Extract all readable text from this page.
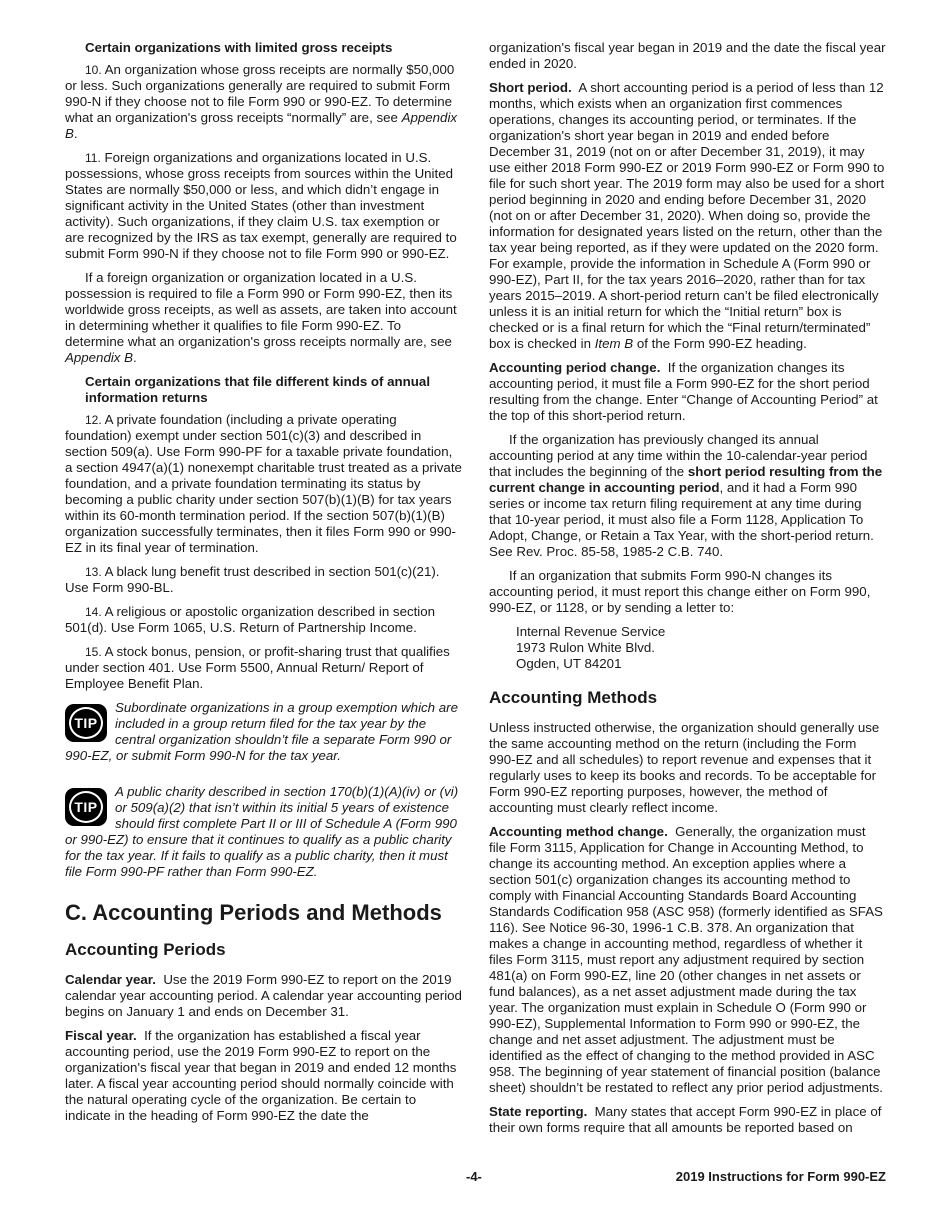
Certain organizations with limited gross receipts

10. An organization whose gross receipts are normally $50,000 or less. Such organizations generally are required to submit Form 990-N if they choose not to file Form 990 or 990-EZ. To determine what an organization's gross receipts “normally” are, see Appendix B.

11. Foreign organizations and organizations located in U.S. possessions, whose gross receipts from sources within the United States are normally $50,000 or less, and which didn’t engage in significant activity in the United States (other than investment activity). Such organizations, if they claim U.S. tax exemption or are recognized by the IRS as tax exempt, generally are required to submit Form 990-N if they choose not to file Form 990 or 990-EZ.

If a foreign organization or organization located in a U.S. possession is required to file a Form 990 or Form 990-EZ, then its worldwide gross receipts, as well as assets, are taken into account in determining whether it qualifies to file Form 990-EZ. To determine what an organization's gross receipts normally are, see Appendix B.

Certain organizations that file different kinds of annual information returns

12. A private foundation (including a private operating foundation) exempt under section 501(c)(3) and described in section 509(a). Use Form 990-PF for a taxable private foundation, a section 4947(a)(1) nonexempt charitable trust treated as a private foundation, and a private foundation terminating its status by becoming a public charity under section 507(b)(1)(B) for tax years within its 60-month termination period. If the section 507(b)(1)(B) organization successfully terminates, then it files Form 990 or 990-EZ in its final year of termination.

13. A black lung benefit trust described in section 501(c)(21). Use Form 990-BL.

14. A religious or apostolic organization described in section 501(d). Use Form 1065, U.S. Return of Partnership Income.

15. A stock bonus, pension, or profit-sharing trust that qualifies under section 401. Use Form 5500, Annual Return/ Report of Employee Benefit Plan.

TIP

Subordinate organizations in a group exemption which are included in a group return filed for the tax year by the central organization shouldn’t file a separate Form 990 or 990-EZ, or submit Form 990-N for the tax year.

TIP

A public charity described in section 170(b)(1)(A)(iv) or (vi) or 509(a)(2) that isn’t within its initial 5 years of existence should first complete Part II or III of Schedule A (Form 990 or 990-EZ) to ensure that it continues to qualify as a public charity for the tax year. If it fails to qualify as a public charity, then it must file Form 990-PF rather than Form 990-EZ.

C. Accounting Periods and Methods
Accounting Periods

Calendar year. Use the 2019 Form 990-EZ to report on the 2019 calendar year accounting period. A calendar year accounting period begins on January 1 and ends on December 31.

Fiscal year. If the organization has established a fiscal year accounting period, use the 2019 Form 990-EZ to report on the organization's fiscal year that began in 2019 and ended 12 months later. A fiscal year accounting period should normally coincide with the natural operating cycle of the organization. Be certain to indicate in the heading of Form 990-EZ the date the

organization's fiscal year began in 2019 and the date the fiscal year ended in 2020.

Short period. A short accounting period is a period of less than 12 months, which exists when an organization first commences operations, changes its accounting period, or terminates. If the organization's short year began in 2019 and ended before December 31, 2019 (not on or after December 31, 2019), it may use either 2018 Form 990-EZ or 2019 Form 990-EZ or Form 990 to file for such short year. The 2019 form may also be used for a short period beginning in 2020 and ending before December 31, 2020 (not on or after December 31, 2020). When doing so, provide the information for designated years listed on the return, other than the tax year being reported, as if they were updated on the 2020 form. For example, provide the information in Schedule A (Form 990 or 990-EZ), Part II, for the tax years 2016–2020, rather than for tax years 2015–2019. A short-period return can’t be filed electronically unless it is an initial return for which the “Initial return” box is checked or is a final return for which the “Final return/terminated” box is checked in Item B of the Form 990-EZ heading.

Accounting period change. If the organization changes its accounting period, it must file a Form 990-EZ for the short period resulting from the change. Enter “Change of Accounting Period” at the top of this short-period return.

If the organization has previously changed its annual accounting period at any time within the 10-calendar-year period that includes the beginning of the short period resulting from the current change in accounting period, and it had a Form 990 series or income tax return filing requirement at any time during that 10-year period, it must also file a Form 1128, Application To Adopt, Change, or Retain a Tax Year, with the short-period return. See Rev. Proc. 85-58, 1985-2 C.B. 740.

If an organization that submits Form 990-N changes its accounting period, it must report this change either on Form 990, 990-EZ, or 1128, or by sending a letter to:

Internal Revenue Service
1973 Rulon White Blvd.
Ogden, UT 84201
Accounting Methods

Unless instructed otherwise, the organization should generally use the same accounting method on the return (including the Form 990-EZ and all schedules) to report revenue and expenses that it regularly uses to keep its books and records. To be acceptable for Form 990-EZ reporting purposes, however, the method of accounting must clearly reflect income.

Accounting method change. Generally, the organization must file Form 3115, Application for Change in Accounting Method, to change its accounting method. An exception applies where a section 501(c) organization changes its accounting method to comply with Financial Accounting Standards Board Accounting Standards Codification 958 (ASC 958) (formerly identified as SFAS 116). See Notice 96-30, 1996-1 C.B. 378. An organization that makes a change in accounting method, regardless of whether it files Form 3115, must report any adjustment required by section 481(a) on Form 990-EZ, line 20 (other changes in net assets or fund balances), as a net asset adjustment made during the tax year. The organization must explain in Schedule O (Form 990 or 990-EZ), Supplemental Information to Form 990 or 990-EZ, the change and net asset adjustment. The adjustment must be identified as the effect of changing to the method provided in ASC 958. The beginning of year statement of financial position (balance sheet) shouldn’t be restated to reflect any prior period adjustments.

State reporting. Many states that accept Form 990-EZ in place of their own forms require that all amounts be reported based on

-4-	2019 Instructions for Form 990-EZ
